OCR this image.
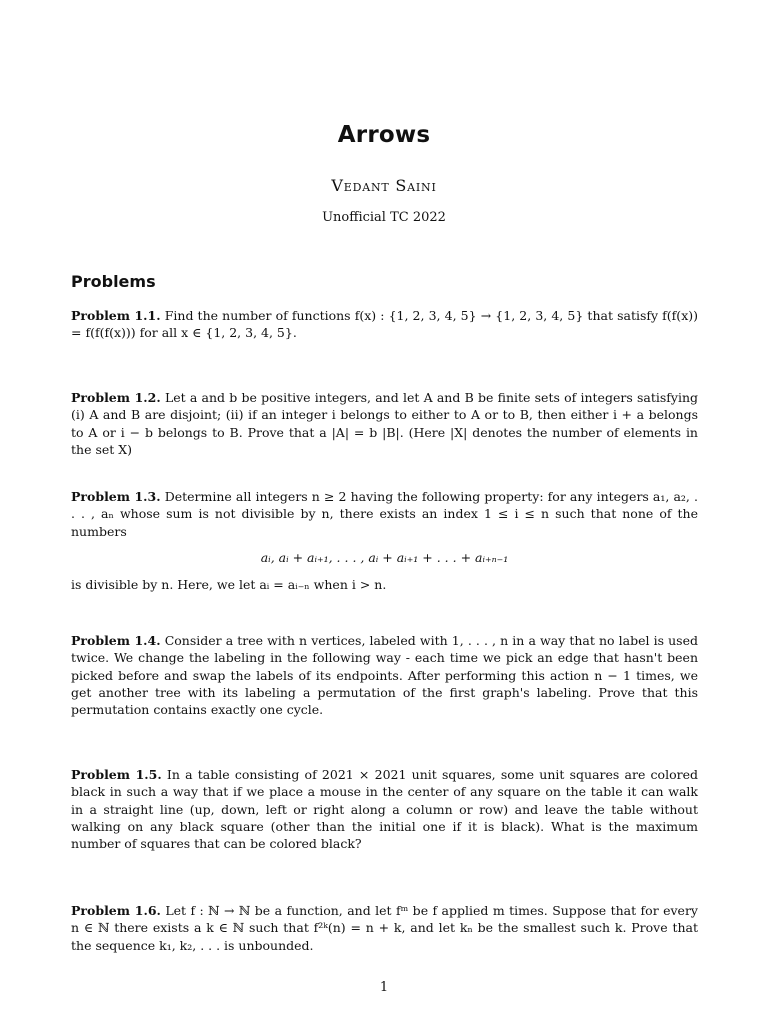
Arrows
Vedant Saini
Unofficial TC 2022
Problems
Problem 1.1. Find the number of functions f(x) : {1, 2, 3, 4, 5} → {1, 2, 3, 4, 5} that satisfy f(f(x)) = f(f(f(x))) for all x ∈ {1, 2, 3, 4, 5}.
Problem 1.2. Let a and b be positive integers, and let A and B be finite sets of integers satisfying (i) A and B are disjoint; (ii) if an integer i belongs to either to A or to B, then either i + a belongs to A or i − b belongs to B. Prove that a |A| = b |B|. (Here |X| denotes the number of elements in the set X)
Problem 1.3. Determine all integers n ≥ 2 having the following property: for any integers a₁, a₂, . . . , aₙ whose sum is not divisible by n, there exists an index 1 ≤ i ≤ n such that none of the numbers
aᵢ, aᵢ + aᵢ₊₁, . . . , aᵢ + aᵢ₊₁ + . . . + aᵢ₊ₙ₋₁
is divisible by n. Here, we let aᵢ = aᵢ₋ₙ when i > n.
Problem 1.4. Consider a tree with n vertices, labeled with 1, . . . , n in a way that no label is used twice. We change the labeling in the following way - each time we pick an edge that hasn't been picked before and swap the labels of its endpoints. After performing this action n − 1 times, we get another tree with its labeling a permutation of the first graph's labeling. Prove that this permutation contains exactly one cycle.
Problem 1.5. In a table consisting of 2021 × 2021 unit squares, some unit squares are colored black in such a way that if we place a mouse in the center of any square on the table it can walk in a straight line (up, down, left or right along a column or row) and leave the table without walking on any black square (other than the initial one if it is black). What is the maximum number of squares that can be colored black?
Problem 1.6. Let f : ℕ → ℕ be a function, and let fᵐ be f applied m times. Suppose that for every n ∈ ℕ there exists a k ∈ ℕ such that f²ᵏ(n) = n + k, and let kₙ be the smallest such k. Prove that the sequence k₁, k₂, . . . is unbounded.
1
